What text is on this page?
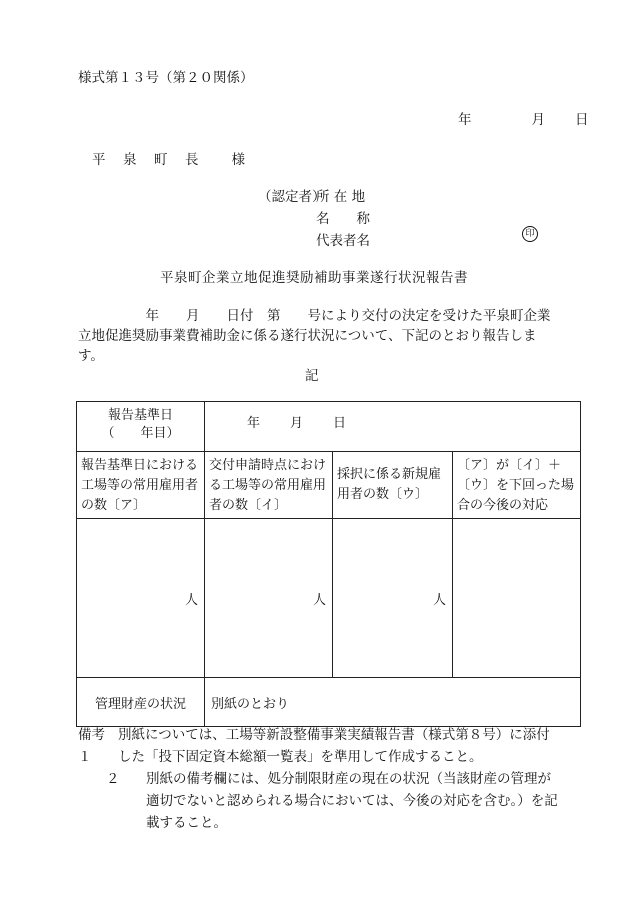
様式第１３号（第２０関係）
年	月 日
平　泉　町　長　　様
（認定者）
所 在 地
名　　称
代表者名	印
平泉町企業立地促進奨励補助事業遂行状況報告書
　　　　　年　　月　　日付　第　　号により交付の決定を受けた平泉町企業立地促進奨励事業費補助金に係る遂行状況について、下記のとおり報告します。
記
報告基準日
（　　年目）	年 月 日		
報告基準日における工場等の常用雇用者の数〔ア〕	交付申請時点における工場等の常用雇用者の数〔イ〕	採択に係る新規雇用者の数〔ウ〕	〔ア〕が〔イ〕＋〔ウ〕を下回った場合の今後の対応
人	人	人	
管理財産の状況	別紙のとおり		
備考１
別紙については、工場等新設整備事業実績報告書（様式第８号）に添付した「投下固定資本総額一覧表」を準用して作成すること。
２	別紙の備考欄には、処分制限財産の現在の状況（当該財産の管理が適切でないと認められる場合においては、今後の対応を含む。）を記載すること。
